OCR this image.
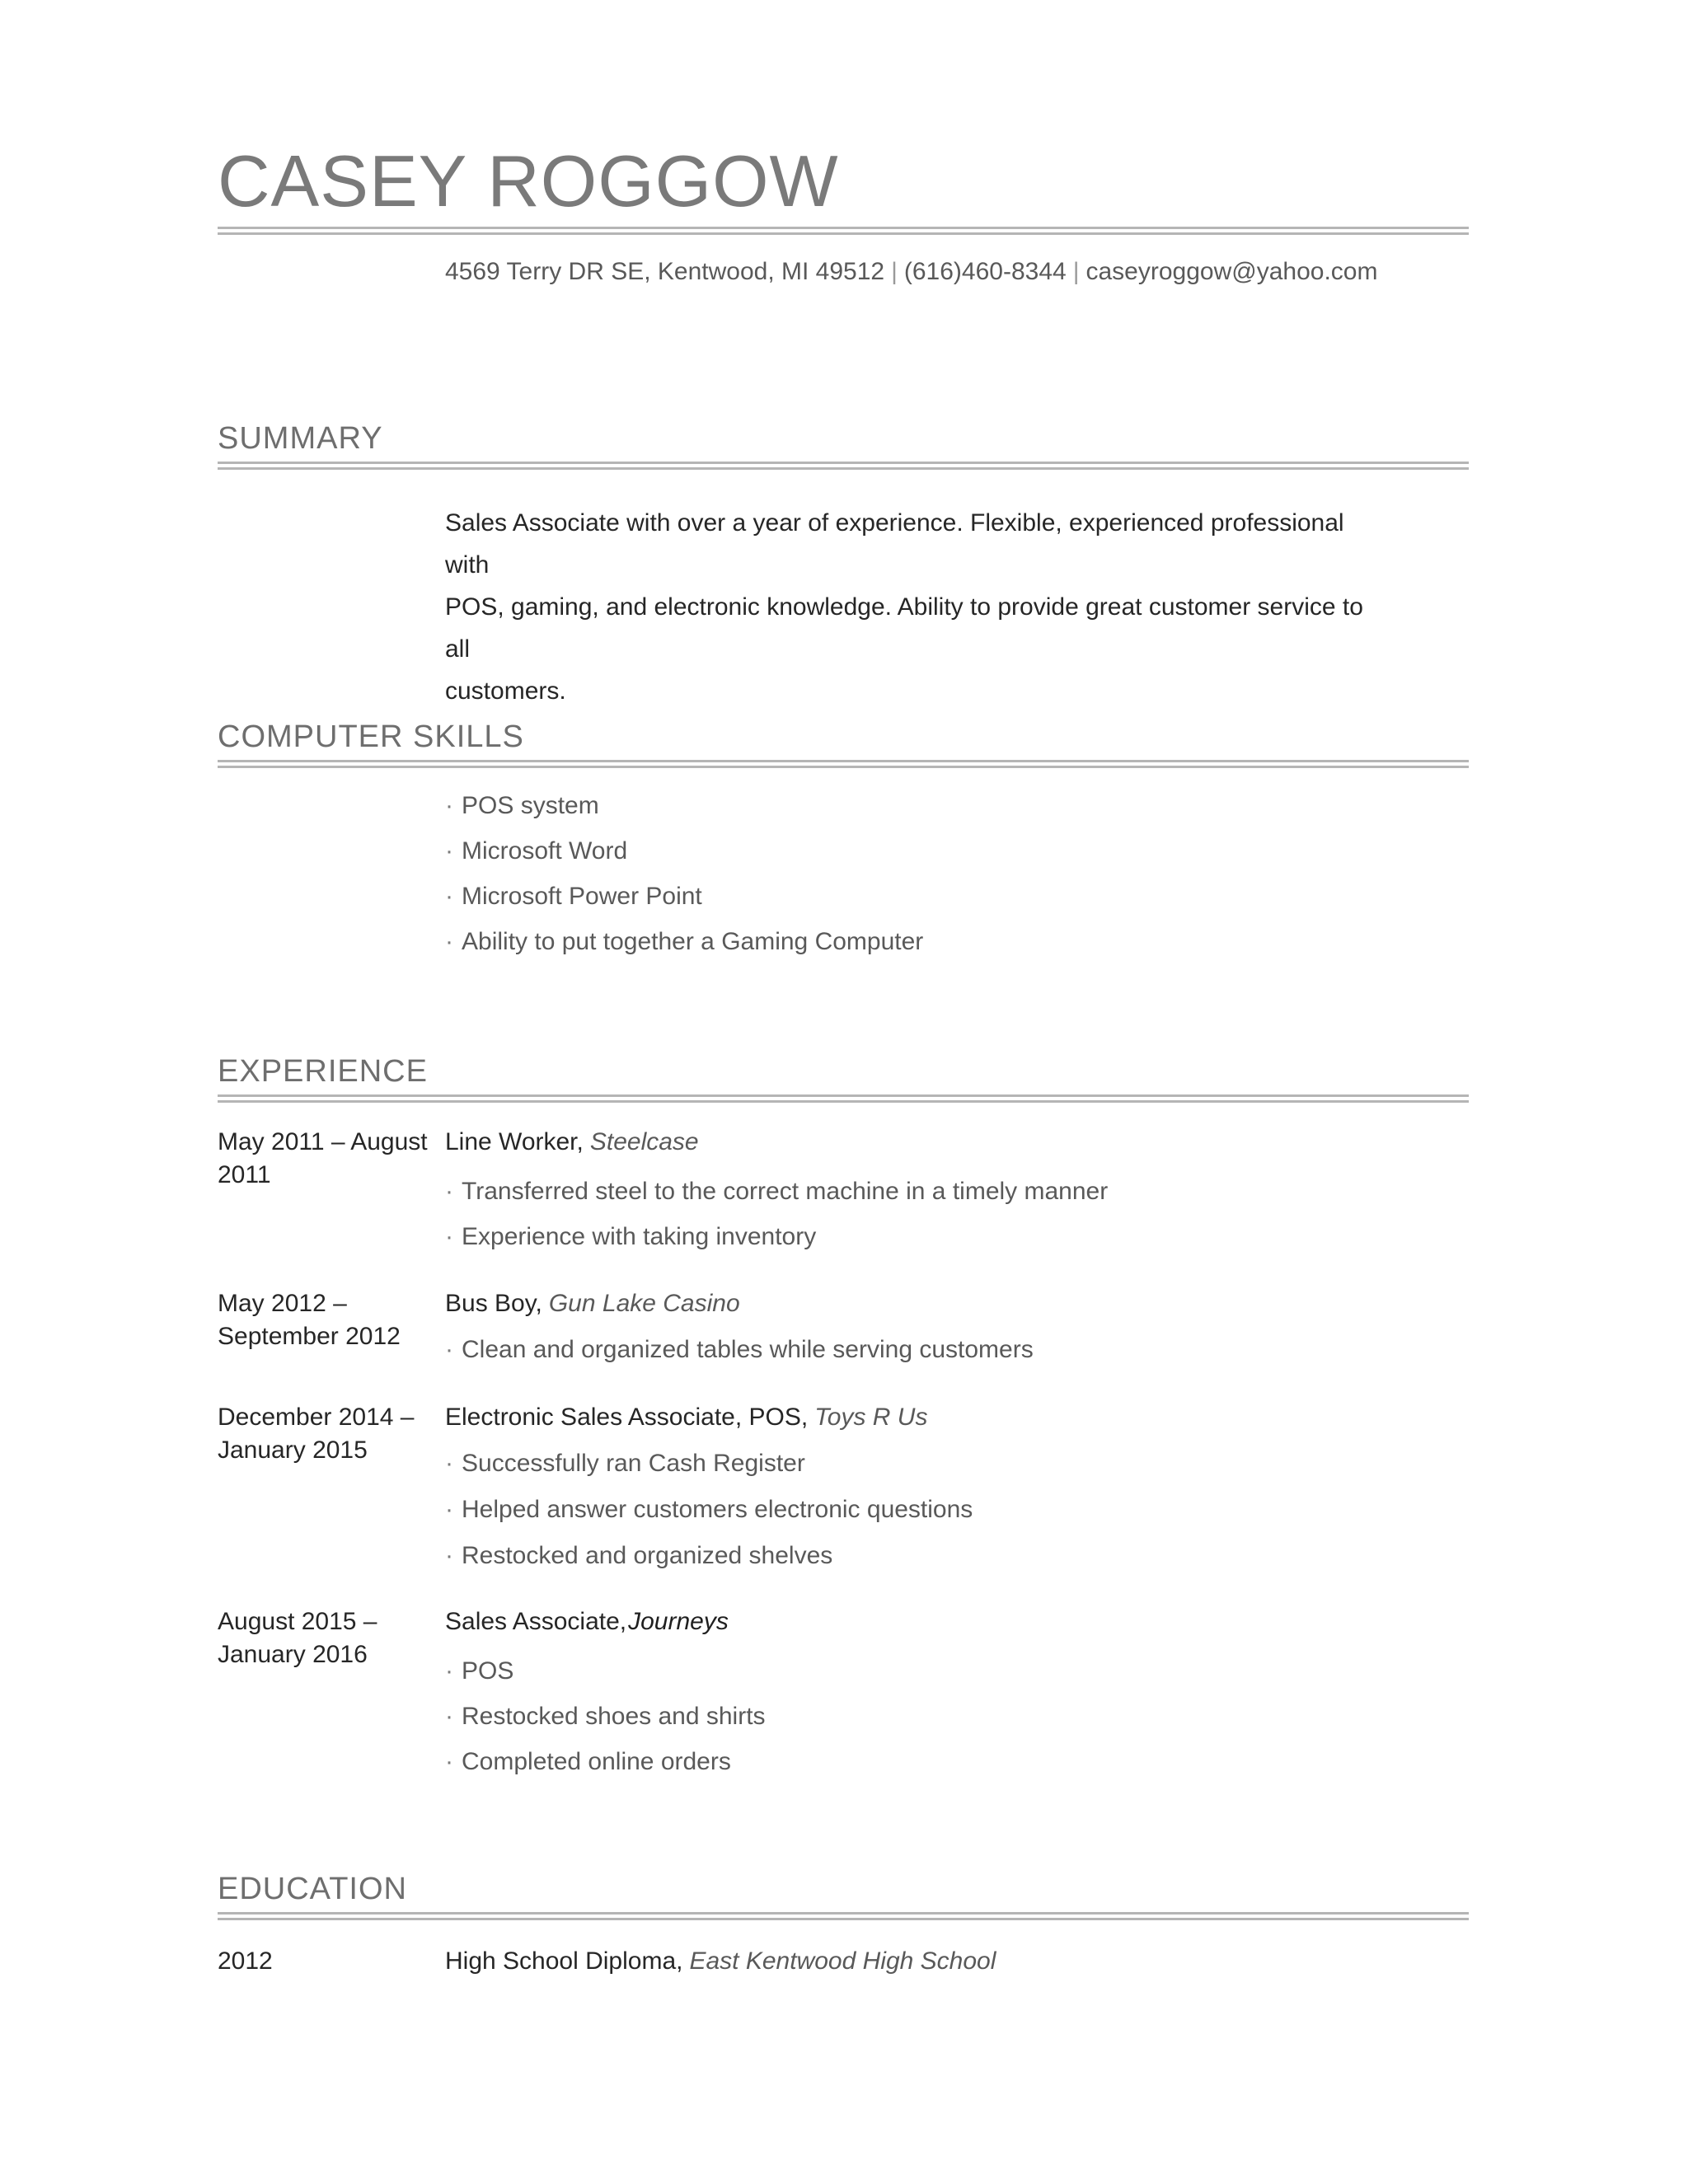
CASEY ROGGOW
4569 Terry DR SE, Kentwood, MI 49512 | (616)460-8344 | caseyroggow@yahoo.com
SUMMARY
Sales Associate with over a year of experience. Flexible, experienced professional with
POS, gaming, and electronic knowledge. Ability to provide great customer service to all
customers.
COMPUTER SKILLS
· POS system
· Microsoft Word
· Microsoft Power Point
· Ability to put together a Gaming Computer
EXPERIENCE
May 2011 – August
2011
Line Worker, Steelcase
· Transferred steel to the correct machine in a timely manner
· Experience with taking inventory
May 2012 –
September 2012
Bus Boy, Gun Lake Casino
· Clean and organized tables while serving customers
December 2014 –
January 2015
Electronic Sales Associate, POS, Toys R Us
· Successfully ran Cash Register
· Helped answer customers electronic questions
· Restocked and organized shelves
August 2015 –
January 2016
Sales Associate,Journeys
· POS
· Restocked shoes and shirts
· Completed online orders
EDUCATION
2012	High School Diploma, East Kentwood High School
